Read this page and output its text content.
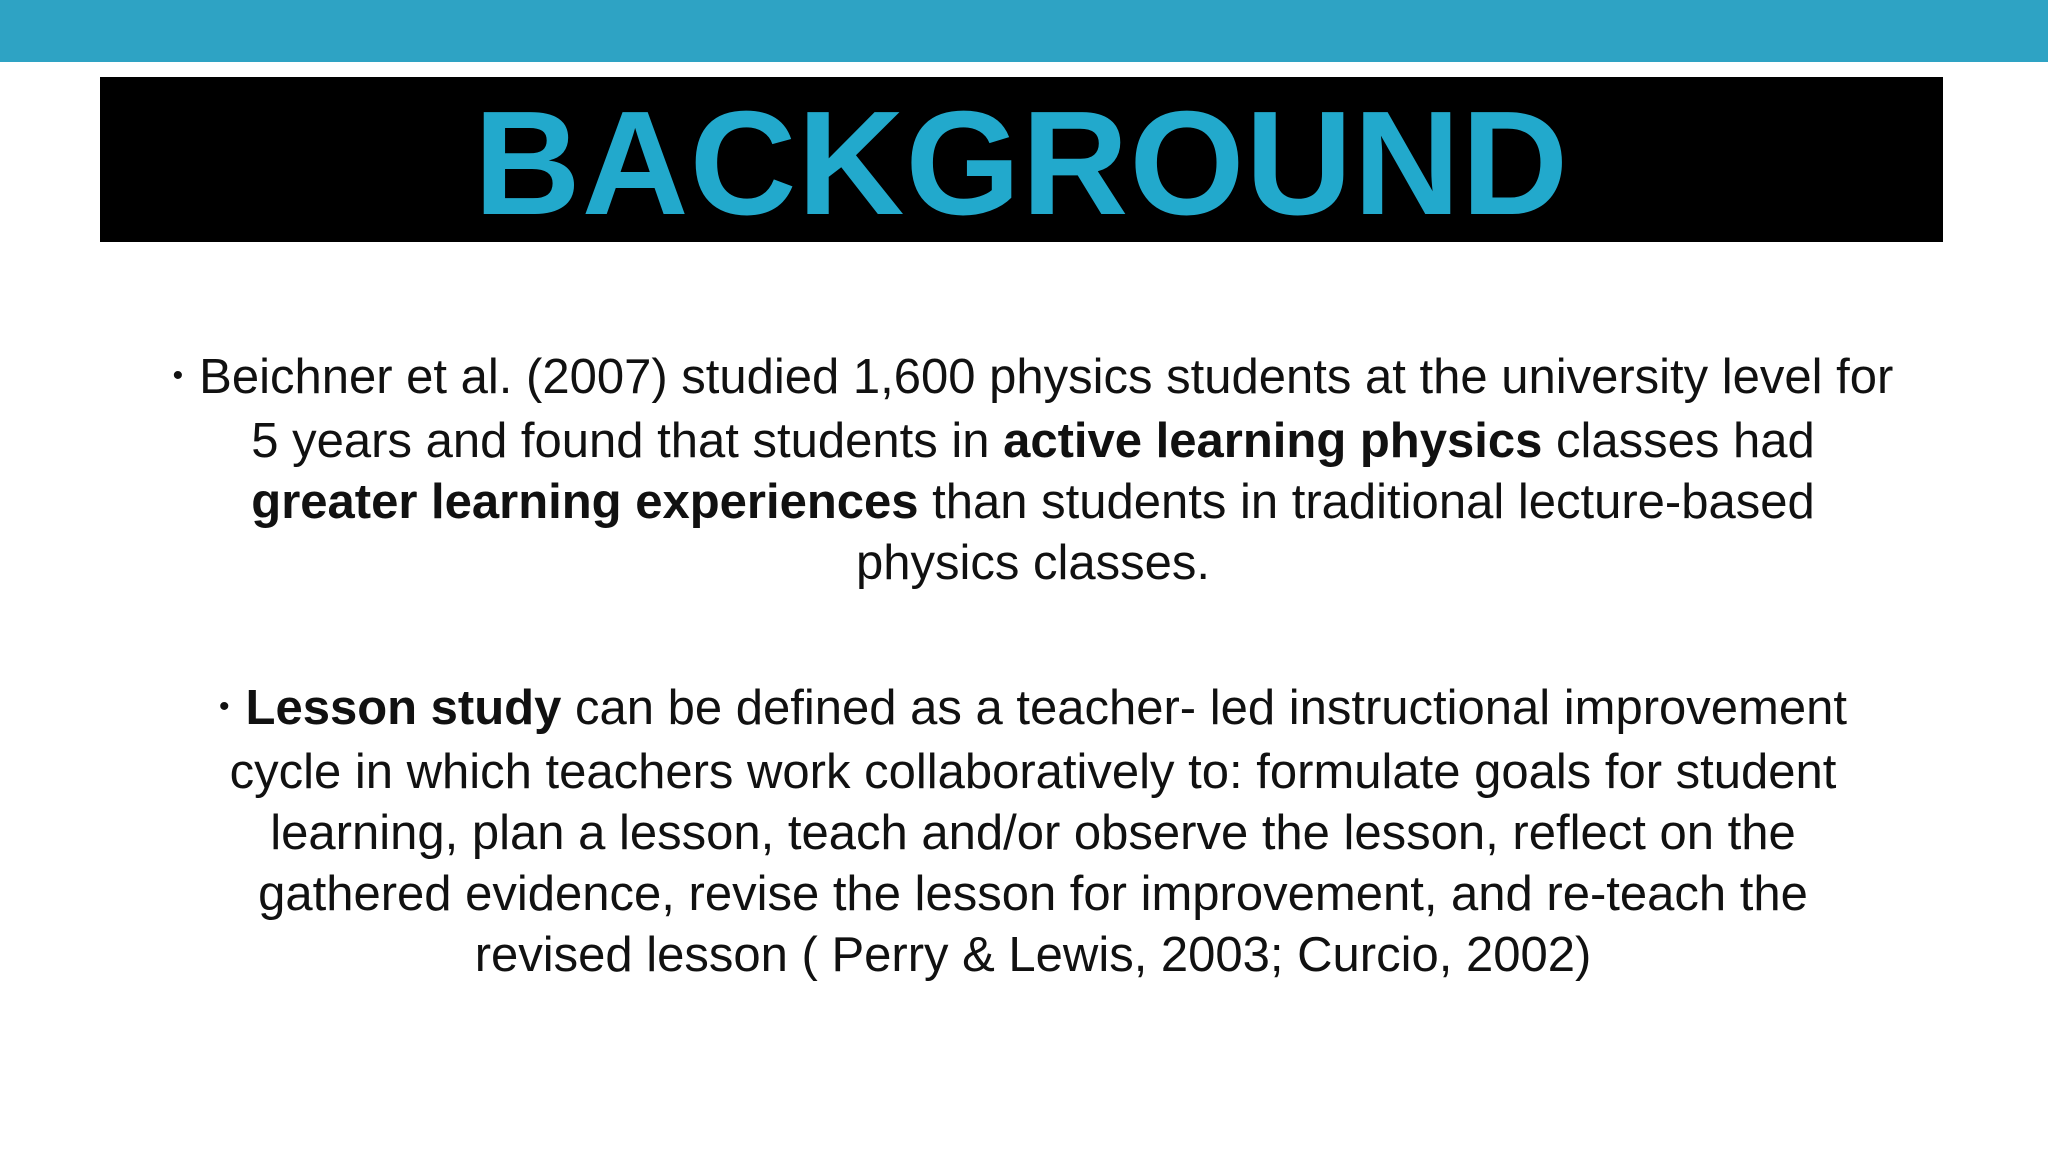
BACKGROUND
• Beichner et al. (2007) studied 1,600 physics students at the university level for
5 years and found that students in active learning physics classes had
greater learning experiences than students in traditional lecture-based
physics classes.
• Lesson study can be defined as a teacher- led instructional improvement
cycle in which teachers work collaboratively to: formulate goals for student
learning, plan a lesson, teach and/or observe the lesson, reflect on the
gathered evidence, revise the lesson for improvement, and re-teach the
revised lesson ( Perry & Lewis, 2003; Curcio, 2002)
